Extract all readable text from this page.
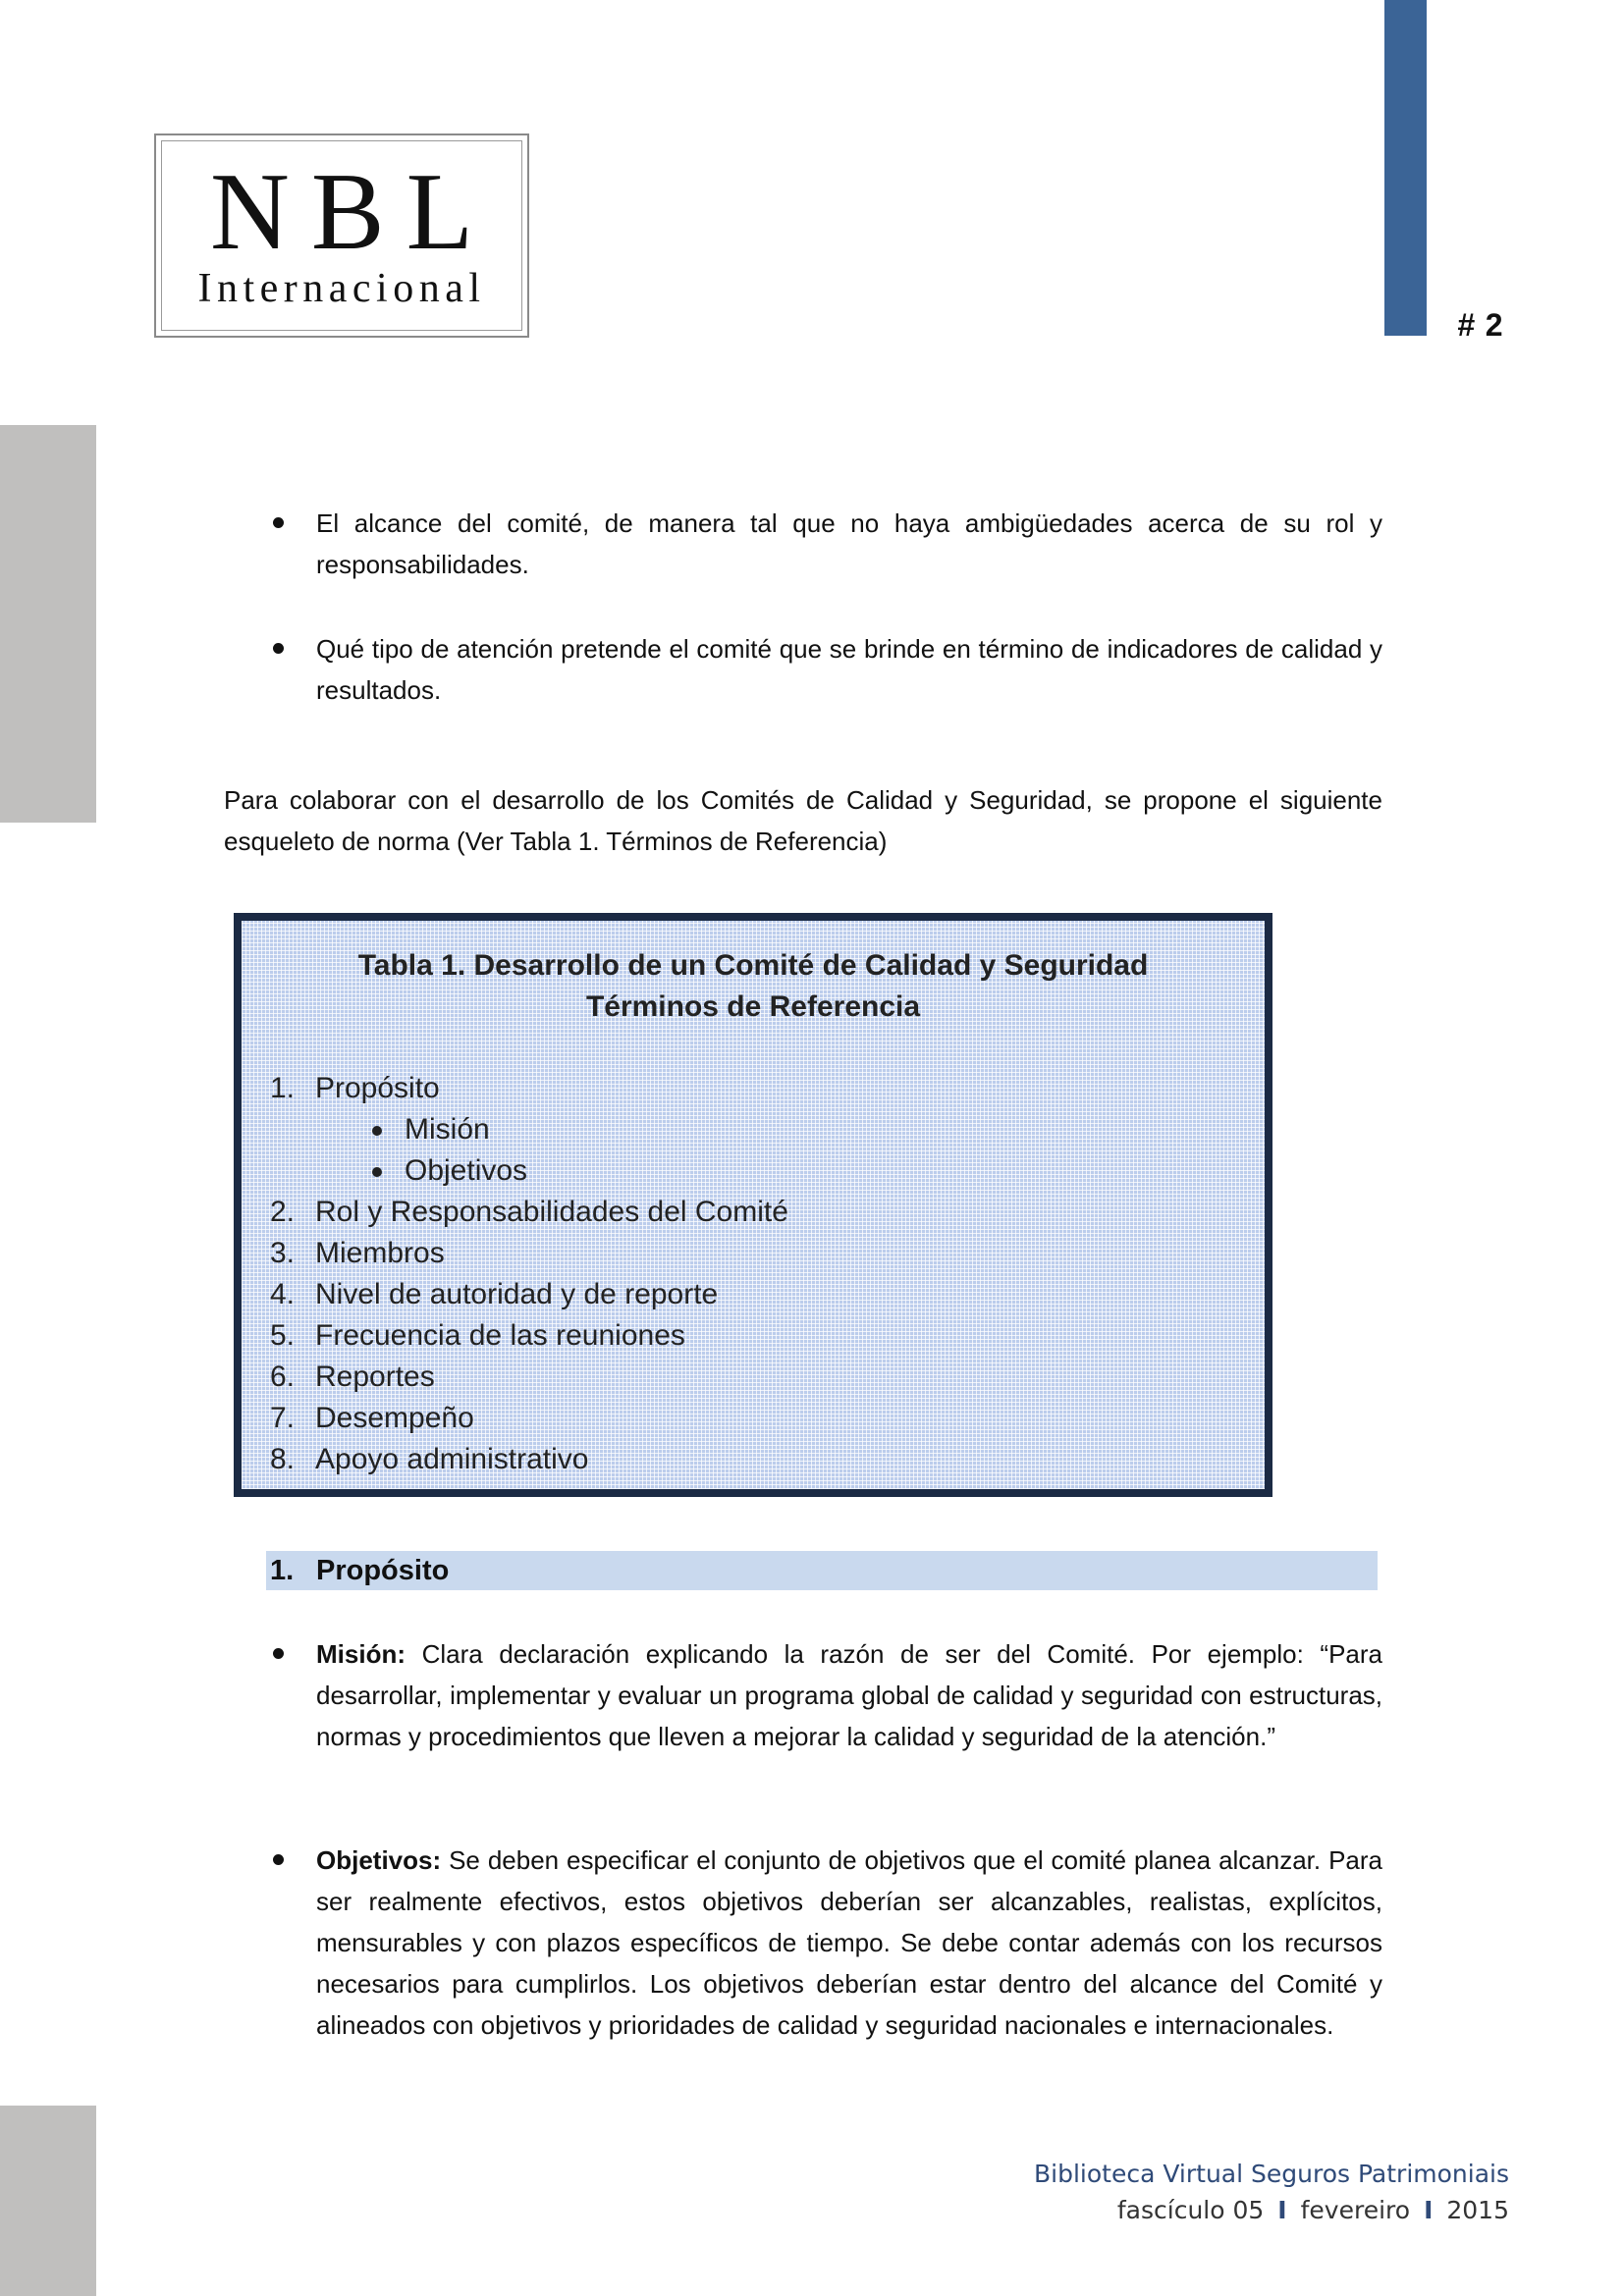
NBL
Internacional
# 2
El alcance del comité, de manera tal que no haya ambigüedades acerca de su rol y responsabilidades.
Qué tipo de atención pretende el comité que se brinde en término de indicadores de calidad y resultados.
Para colaborar con el desarrollo de los Comités de Calidad y Seguridad, se propone el siguiente esqueleto de norma (Ver Tabla 1. Términos de Referencia)
Tabla 1. Desarrollo de un Comité de Calidad y Seguridad
Términos de Referencia
1. Propósito
Misión
Objetivos
2. Rol y Responsabilidades del Comité
3. Miembros
4. Nivel de autoridad y de reporte
5. Frecuencia de las reuniones
6. Reportes
7. Desempeño
8. Apoyo administrativo
1. Propósito
Misión: Clara declaración explicando la razón de ser del Comité. Por ejemplo: “Para desarrollar, implementar y evaluar un programa global de calidad y seguridad con estructuras, normas y procedimientos que lleven a mejorar la calidad y seguridad de la atención.”
Objetivos: Se deben especificar el conjunto de objetivos que el comité planea alcanzar. Para ser realmente efectivos, estos objetivos deberían ser alcanzables, realistas, explícitos, mensurables y con plazos específicos de tiempo. Se debe contar además con los recursos necesarios para cumplirlos. Los objetivos deberían estar dentro del alcance del Comité y alineados con objetivos y prioridades de calidad y seguridad nacionales e internacionales.
Biblioteca Virtual Seguros Patrimoniais
fascículo 05 I fevereiro I 2015
